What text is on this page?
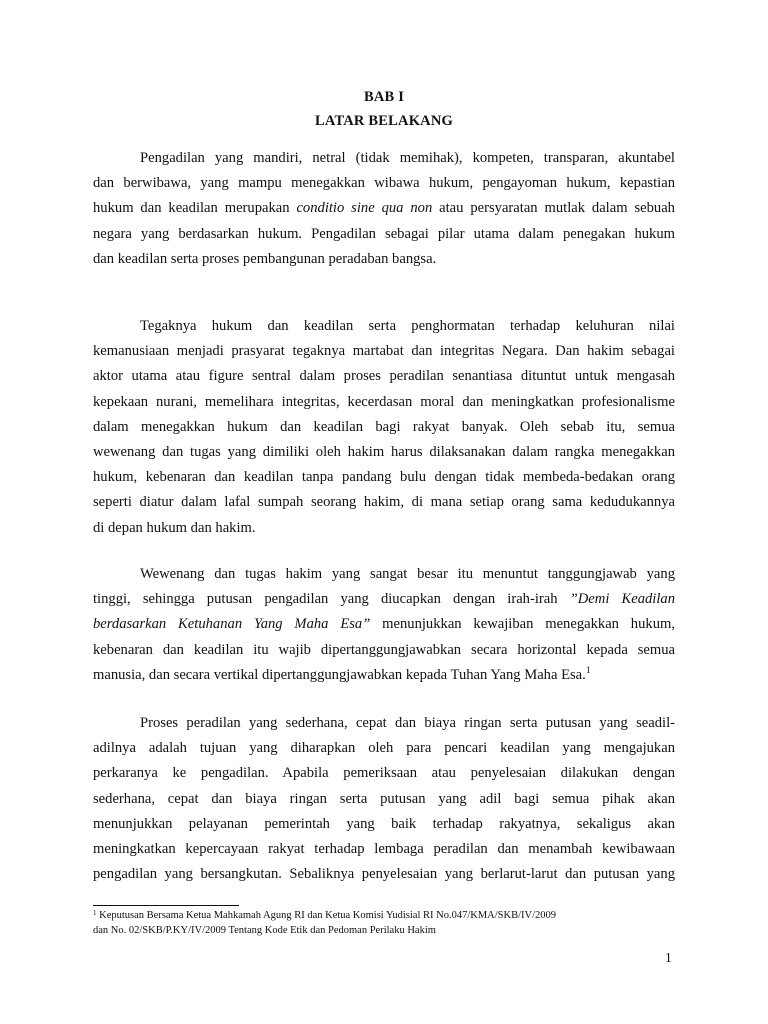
BAB I
LATAR BELAKANG
Pengadilan yang mandiri, netral (tidak memihak), kompeten, transparan, akuntabel
dan berwibawa, yang mampu menegakkan wibawa hukum, pengayoman hukum, kepastian
hukum dan keadilan merupakan conditio sine qua non atau persyaratan mutlak dalam sebuah
negara yang berdasarkan hukum. Pengadilan sebagai pilar utama dalam penegakan hukum
dan keadilan serta proses pembangunan peradaban bangsa.
Tegaknya hukum dan keadilan serta penghormatan terhadap keluhuran nilai
kemanusiaan menjadi prasyarat tegaknya martabat dan integritas Negara. Dan hakim sebagai
aktor utama atau figure sentral dalam proses peradilan senantiasa dituntut untuk mengasah
kepekaan nurani, memelihara integritas, kecerdasan moral dan meningkatkan profesionalisme
dalam menegakkan hukum dan keadilan bagi rakyat banyak. Oleh sebab itu, semua
wewenang dan tugas yang dimiliki oleh hakim harus dilaksanakan dalam rangka menegakkan
hukum, kebenaran dan keadilan tanpa pandang bulu dengan tidak membeda-bedakan orang
seperti diatur dalam lafal sumpah seorang hakim, di mana setiap orang sama kedudukannya
di depan hukum dan hakim.
Wewenang dan tugas hakim yang sangat besar itu menuntut tanggungjawab yang
tinggi, sehingga putusan pengadilan yang diucapkan dengan irah-irah ”Demi Keadilan
berdasarkan Ketuhanan Yang Maha Esa” menunjukkan kewajiban menegakkan hukum,
kebenaran dan keadilan itu wajib dipertanggungjawabkan secara horizontal kepada semua
manusia, dan secara vertikal dipertanggungjawabkan kepada Tuhan Yang Maha Esa.$^1$
Proses peradilan yang sederhana, cepat dan biaya ringan serta putusan yang seadil-
adilnya adalah tujuan yang diharapkan oleh para pencari keadilan yang mengajukan
perkaranya ke pengadilan. Apabila pemeriksaan atau penyelesaian dilakukan dengan
sederhana, cepat dan biaya ringan serta putusan yang adil bagi semua pihak akan
menunjukkan pelayanan pemerintah yang baik terhadap rakyatnya, sekaligus akan
meningkatkan kepercayaan rakyat terhadap lembaga peradilan dan menambah kewibawaan
pengadilan yang bersangkutan. Sebaliknya penyelesaian yang berlarut-larut dan putusan yang
$^1$ Keputusan Bersama Ketua Mahkamah Agung RI dan Ketua Komisi Yudisial RI No.047/KMA/SKB/IV/2009
dan No. 02/SKB/P.KY/IV/2009 Tentang Kode Etik dan Pedoman Perilaku Hakim
1
